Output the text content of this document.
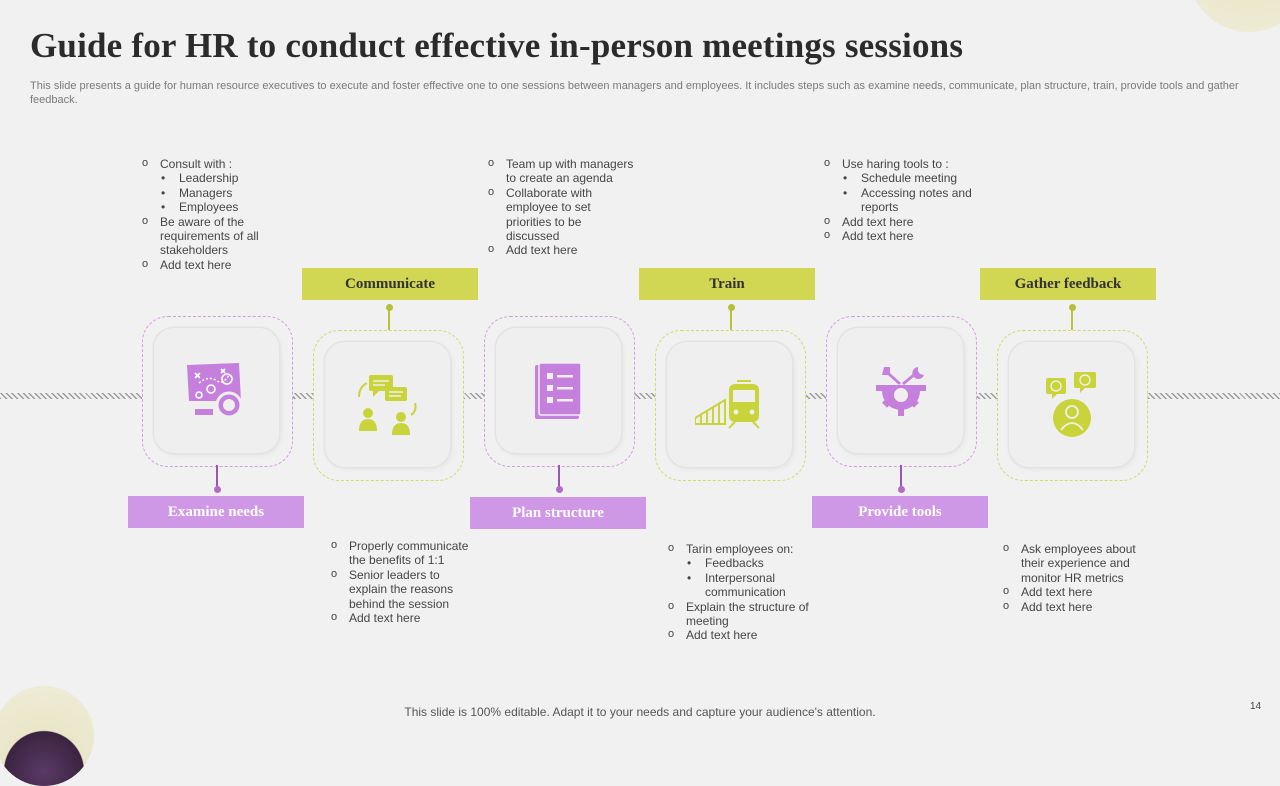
Guide for HR to conduct effective in-person meetings sessions
This slide presents a guide for human resource executives to execute and foster effective one to one sessions between managers and employees. It includes steps such as examine needs, communicate, plan structure, train, provide tools and gather feedback.
Examine needs
Communicate
Plan structure
Train
Provide tools
Gather feedback
o Consult with :
• Leadership
• Managers
• Employees
o Be aware of the requirements of all stakeholders
o Add text here
o Properly communicate the benefits of 1:1
o Senior leaders to explain the reasons behind the session
o Add text here
o Team up with managers to create an agenda
o Collaborate with employee to set priorities to be discussed
o Add text here
o Tarin employees on:
• Feedbacks
• Interpersonal communication
o Explain the structure of meeting
o Add text here
o Use haring tools to :
• Schedule meeting
• Accessing notes and reports
o Add text here
o Add text here
o Ask employees about their experience and monitor HR metrics
o Add text here
o Add text here
This slide is 100% editable. Adapt it to your needs and capture your audience's attention.	14
